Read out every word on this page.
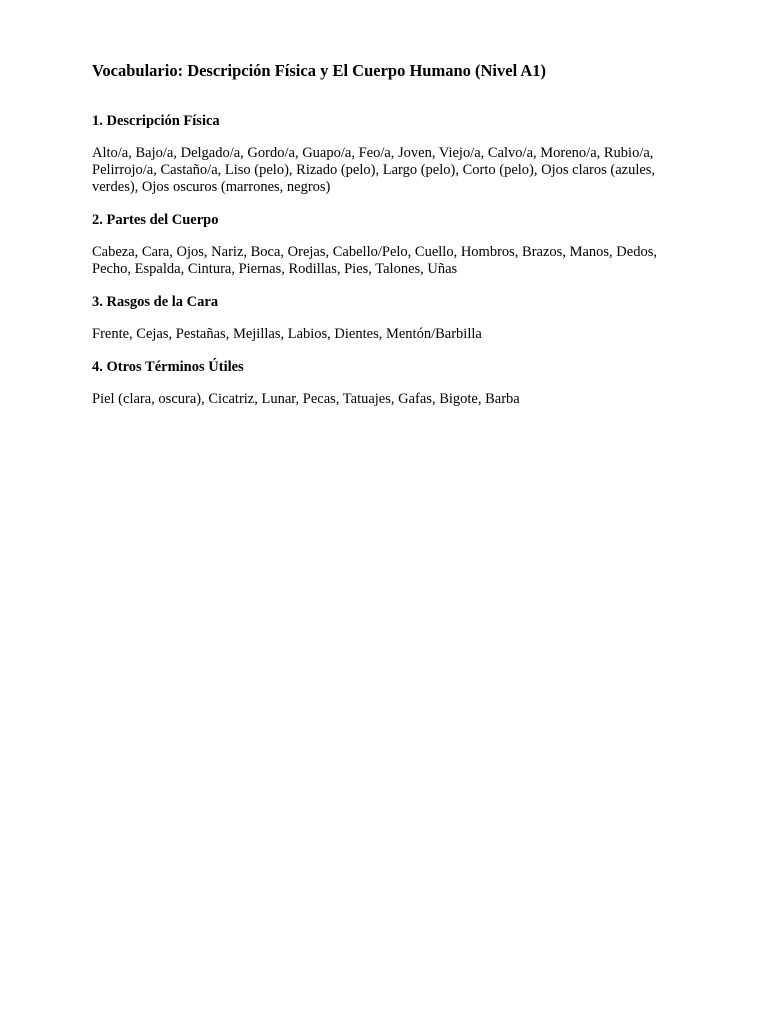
Vocabulario: Descripción Física y El Cuerpo Humano (Nivel A1)
1. Descripción Física

Alto/a, Bajo/a, Delgado/a, Gordo/a, Guapo/a, Feo/a, Joven, Viejo/a, Calvo/a, Moreno/a, Rubio/a, Pelirrojo/a, Castaño/a, Liso (pelo), Rizado (pelo), Largo (pelo), Corto (pelo), Ojos claros (azules, verdes), Ojos oscuros (marrones, negros)

2. Partes del Cuerpo

Cabeza, Cara, Ojos, Nariz, Boca, Orejas, Cabello/Pelo, Cuello, Hombros, Brazos, Manos, Dedos, Pecho, Espalda, Cintura, Piernas, Rodillas, Pies, Talones, Uñas

3. Rasgos de la Cara

Frente, Cejas, Pestañas, Mejillas, Labios, Dientes, Mentón/Barbilla

4. Otros Términos Útiles

Piel (clara, oscura), Cicatriz, Lunar, Pecas, Tatuajes, Gafas, Bigote, Barba
